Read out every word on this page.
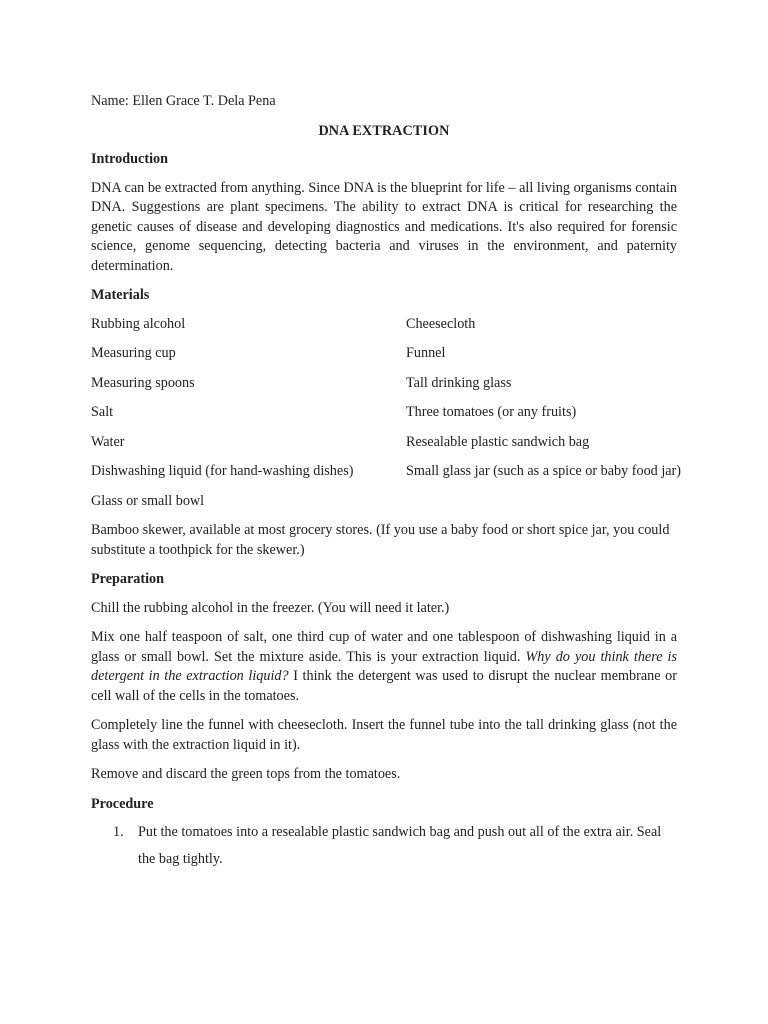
Name: Ellen Grace T. Dela Pena

DNA EXTRACTION

Introduction

DNA can be extracted from anything. Since DNA is the blueprint for life – all living organisms contain DNA. Suggestions are plant specimens. The ability to extract DNA is critical for researching the genetic causes of disease and developing diagnostics and medications. It's also required for forensic science, genome sequencing, detecting bacteria and viruses in the environment, and paternity determination.

Materials

Rubbing alcohol	Cheesecloth

Measuring cup	Funnel

Measuring spoons	Tall drinking glass

Salt	Three tomatoes (or any fruits)

Water	Resealable plastic sandwich bag

Dishwashing liquid (for hand-washing dishes)	Small glass jar (such as a spice or baby food jar)

Glass or small bowl

Bamboo skewer, available at most grocery stores. (If you use a baby food or short spice jar, you could substitute a toothpick for the skewer.)

Preparation

Chill the rubbing alcohol in the freezer. (You will need it later.)

Mix one half teaspoon of salt, one third cup of water and one tablespoon of dishwashing liquid in a glass or small bowl. Set the mixture aside. This is your extraction liquid. Why do you think there is detergent in the extraction liquid? I think the detergent was used to disrupt the nuclear membrane or cell wall of the cells in the tomatoes.

Completely line the funnel with cheesecloth. Insert the funnel tube into the tall drinking glass (not the glass with the extraction liquid in it).

Remove and discard the green tops from the tomatoes.

Procedure

1. Put the tomatoes into a resealable plastic sandwich bag and push out all of the extra air. Seal the bag tightly.
